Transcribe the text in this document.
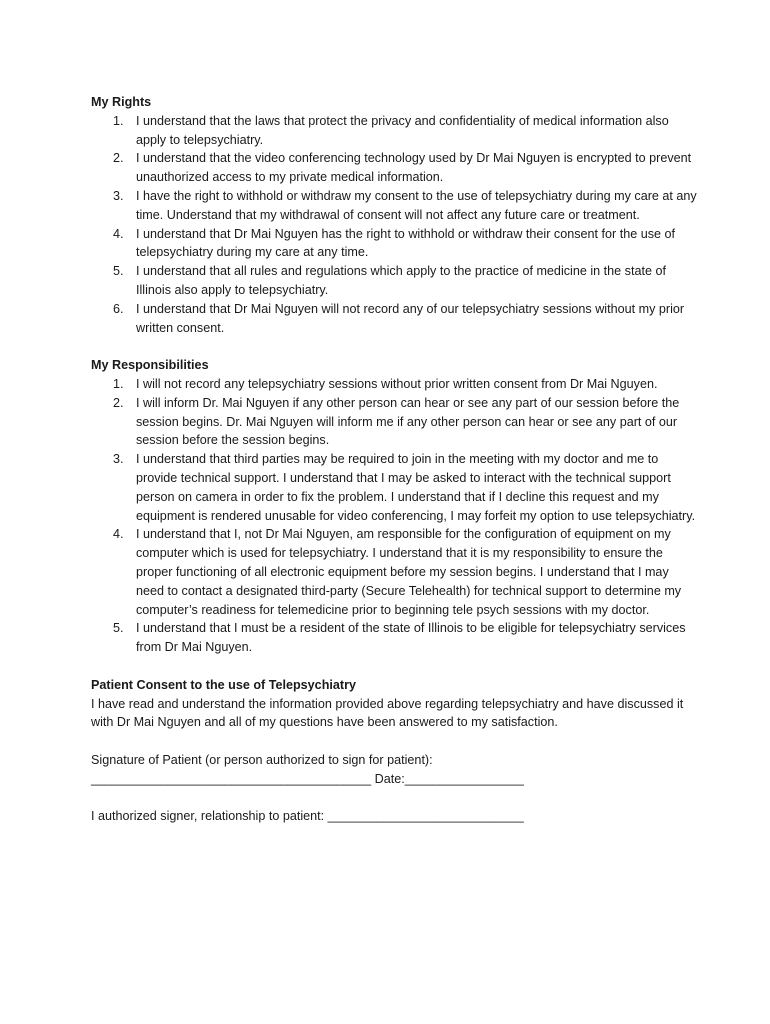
My Rights

I understand that the laws that protect the privacy and confidentiality of medical information also apply to telepsychiatry.
I understand that the video conferencing technology used by Dr Mai Nguyen is encrypted to prevent unauthorized access to my private medical information.
I have the right to withhold or withdraw my consent to the use of telepsychiatry during my care at any time. Understand that my withdrawal of consent will not affect any future care or treatment.
I understand that Dr Mai Nguyen has the right to withhold or withdraw their consent for the use of telepsychiatry during my care at any time.
I understand that all rules and regulations which apply to the practice of medicine in the state of Illinois also apply to telepsychiatry.
I understand that Dr Mai Nguyen will not record any of our telepsychiatry sessions without my prior written consent.

My Responsibilities

I will not record any telepsychiatry sessions without prior written consent from Dr Mai Nguyen.
I will inform Dr. Mai Nguyen if any other person can hear or see any part of our session before the session begins. Dr. Mai Nguyen will inform me if any other person can hear or see any part of our session before the session begins.
I understand that third parties may be required to join in the meeting with my doctor and me to provide technical support. I understand that I may be asked to interact with the technical support person on camera in order to fix the problem. I understand that if I decline this request and my equipment is rendered unusable for video conferencing, I may forfeit my option to use telepsychiatry.
I understand that I, not Dr Mai Nguyen, am responsible for the configuration of equipment on my computer which is used for telepsychiatry. I understand that it is my responsibility to ensure the proper functioning of all electronic equipment before my session begins. I understand that I may need to contact a designated third-party (Secure Telehealth) for technical support to determine my computer’s readiness for telemedicine prior to beginning tele psych sessions with my doctor.
I understand that I must be a resident of the state of Illinois to be eligible for telepsychiatry services from Dr Mai Nguyen.

Patient Consent to the use of Telepsychiatry

I have read and understand the information provided above regarding telepsychiatry and have discussed it with Dr Mai Nguyen and all of my questions have been answered to my satisfaction.

Signature of Patient (or person authorized to sign for patient):

________________________________________ Date:_________________

I authorized signer, relationship to patient: ____________________________
